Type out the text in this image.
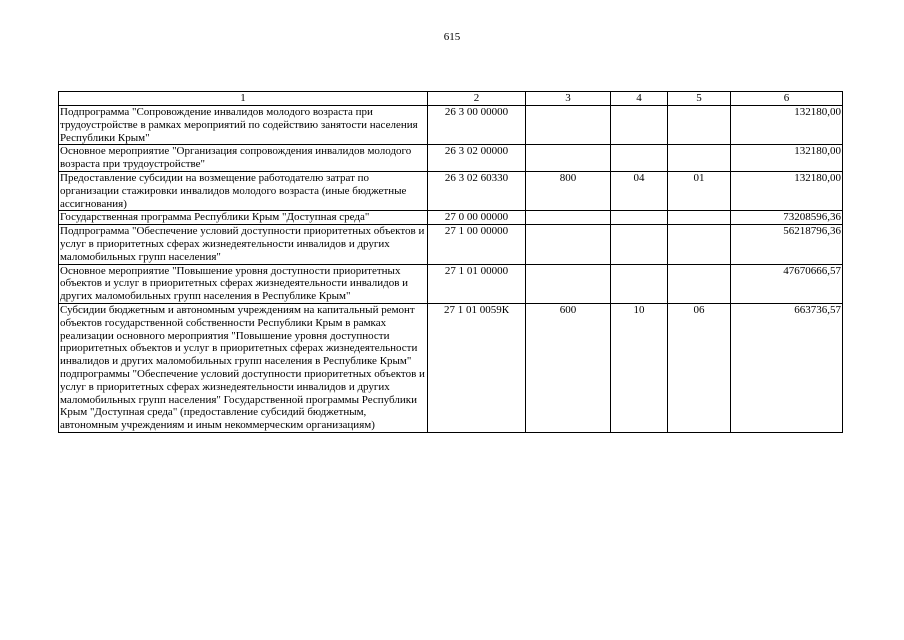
615
1	2	3	4	5	6
Подпрограмма "Сопровождение инвалидов молодого возраста при трудоустройстве в рамках мероприятий по содействию занятости населения Республики Крым"	26 3 00 00000				132180,00
Основное мероприятие "Организация сопровождения инвалидов молодого возраста при трудоустройстве"	26 3 02 00000				132180,00
Предоставление субсидии на возмещение работодателю затрат по организации стажировки инвалидов молодого возраста (иные бюджетные ассигнования)	26 3 02 60330	800	04	01	132180,00
Государственная программа Республики Крым "Доступная среда"	27 0 00 00000				73208596,36
Подпрограмма "Обеспечение условий доступности приоритетных объектов и услуг в приоритетных сферах жизнедеятельности инвалидов и других маломобильных групп населения"	27 1 00 00000				56218796,36
Основное мероприятие "Повышение уровня доступности приоритетных объектов и услуг в приоритетных сферах жизнедеятельности инвалидов и других маломобильных групп населения в Республике Крым"	27 1 01 00000				47670666,57
Субсидии бюджетным и автономным учреждениям на капитальный ремонт объектов государственной собственности Республики Крым в рамках реализации основного мероприятия "Повышение уровня доступности приоритетных объектов и услуг в приоритетных сферах жизнедеятельности инвалидов и других маломобильных групп населения в Республике Крым" подпрограммы "Обеспечение условий доступности приоритетных объектов и услуг в приоритетных сферах жизнедеятельности инвалидов и других маломобильных групп населения" Государственной программы Республики Крым "Доступная среда" (предоставление субсидий бюджетным, автономным учреждениям и иным некоммерческим организациям)	27 1 01 0059К	600	10	06	663736,57
